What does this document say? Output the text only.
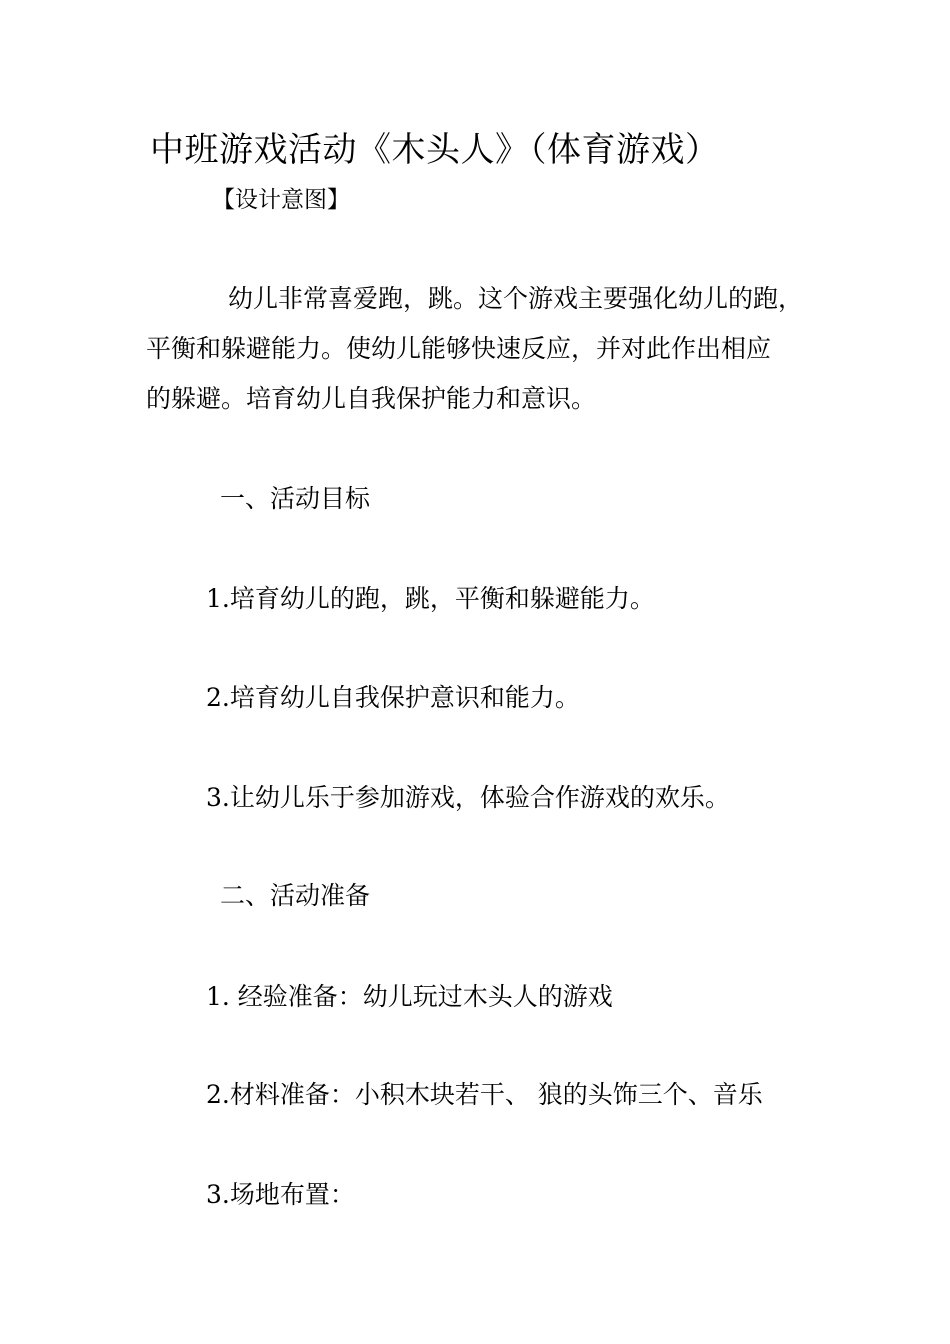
中班游戏活动《木头人》（体育游戏）
【设计意图】
幼儿非常喜爱跑，跳。这个游戏主要强化幼儿的跑，
平衡和躲避能力。使幼儿能够快速反应，并对此作出相应
的躲避。培育幼儿自我保护能力和意识。
一、活动目标
1.培育幼儿的跑，跳，平衡和躲避能力。
2.培育幼儿自我保护意识和能力。
3.让幼儿乐于参加游戏，体验合作游戏的欢乐。
二、活动准备
1. 经验准备：幼儿玩过木头人的游戏
2.材料准备：小积木块若干、 狼的头饰三个、音乐
3.场地布置：
